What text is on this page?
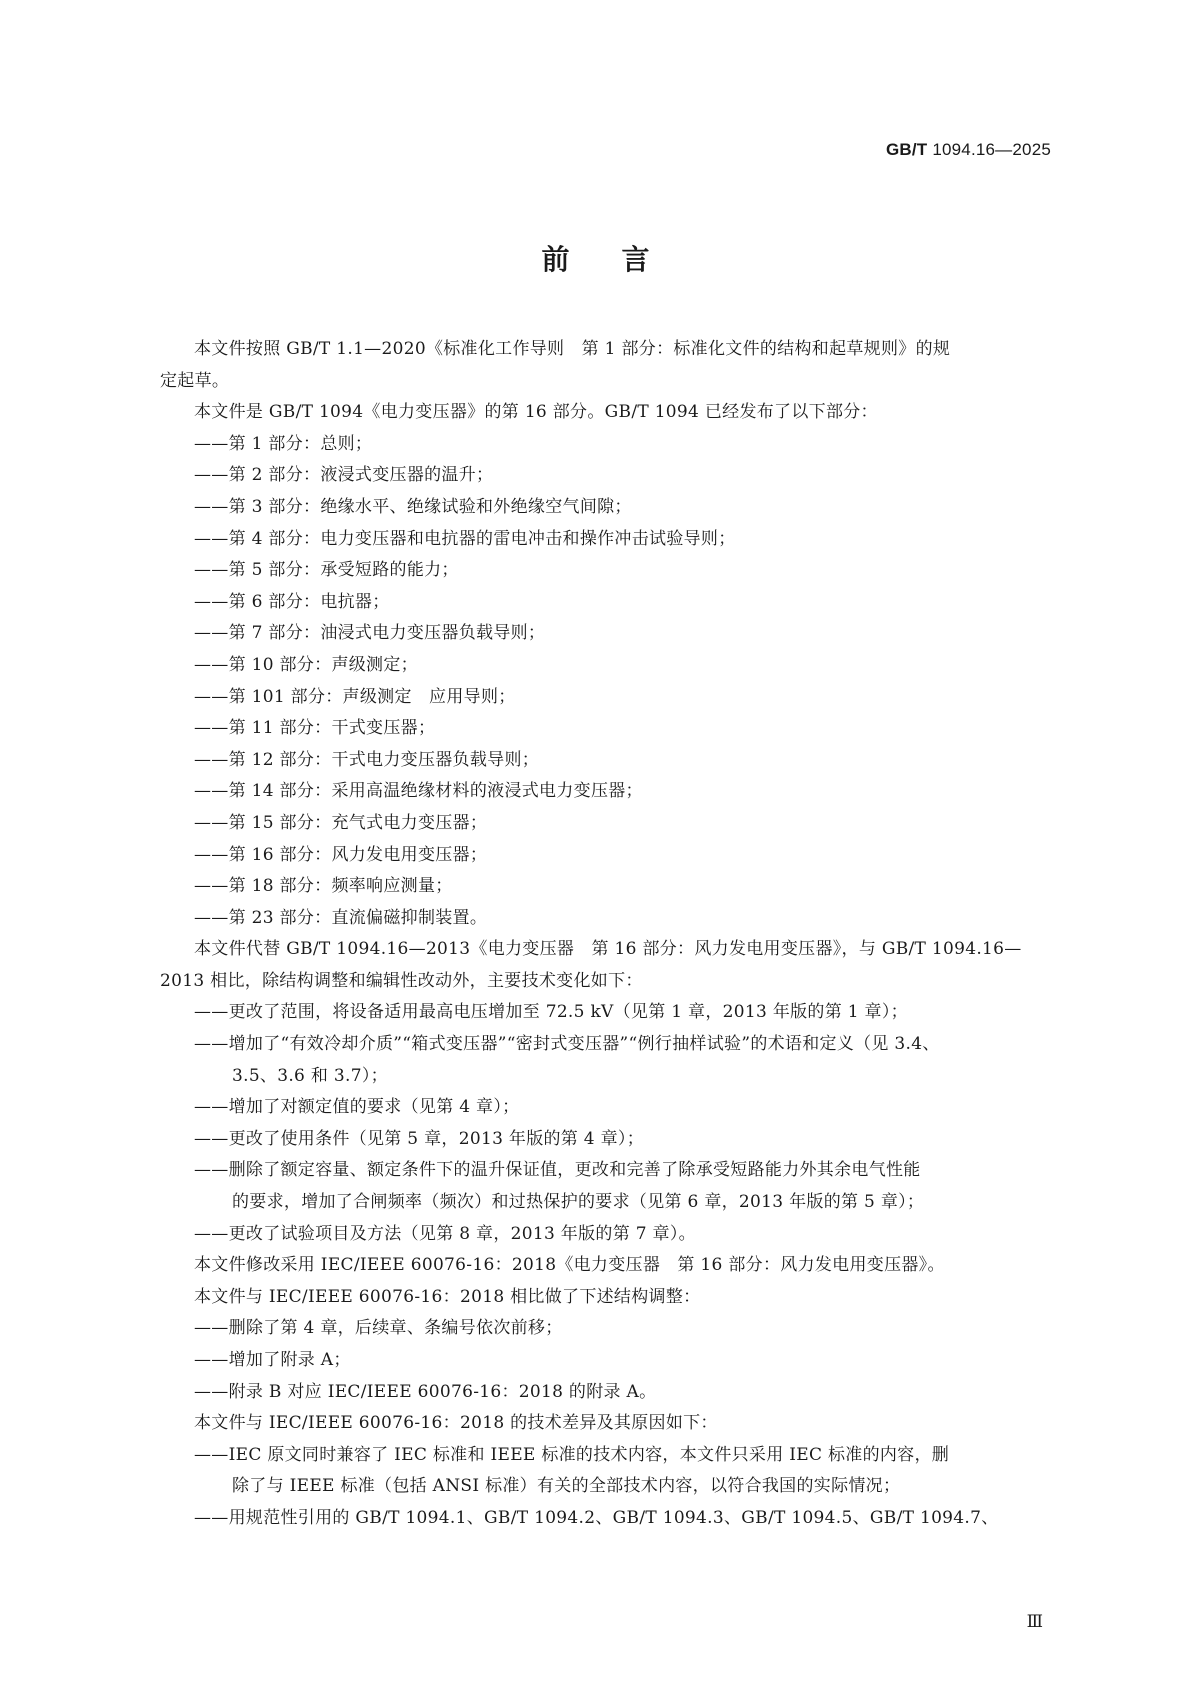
GB/T 1094.16—2025
前言
本文件按照 GB/T 1.1—2020《标准化工作导则　第 1 部分：标准化文件的结构和起草规则》的规
定起草。
本文件是 GB/T 1094《电力变压器》的第 16 部分。GB/T 1094 已经发布了以下部分：
——第 1 部分：总则；
——第 2 部分：液浸式变压器的温升；
——第 3 部分：绝缘水平、绝缘试验和外绝缘空气间隙；
——第 4 部分：电力变压器和电抗器的雷电冲击和操作冲击试验导则；
——第 5 部分：承受短路的能力；
——第 6 部分：电抗器；
——第 7 部分：油浸式电力变压器负载导则；
——第 10 部分：声级测定；
——第 101 部分：声级测定　应用导则；
——第 11 部分：干式变压器；
——第 12 部分：干式电力变压器负载导则；
——第 14 部分：采用高温绝缘材料的液浸式电力变压器；
——第 15 部分：充气式电力变压器；
——第 16 部分：风力发电用变压器；
——第 18 部分：频率响应测量；
——第 23 部分：直流偏磁抑制装置。
本文件代替 GB/T 1094.16—2013《电力变压器　第 16 部分：风力发电用变压器》，与 GB/T 1094.16—
2013 相比，除结构调整和编辑性改动外，主要技术变化如下：
——更改了范围，将设备适用最高电压增加至 72.5 kV（见第 1 章，2013 年版的第 1 章）；
——增加了“有效冷却介质”“箱式变压器”“密封式变压器”“例行抽样试验”的术语和定义（见 3.4、
3.5、3.6 和 3.7）；
——增加了对额定值的要求（见第 4 章）；
——更改了使用条件（见第 5 章，2013 年版的第 4 章）；
——删除了额定容量、额定条件下的温升保证值，更改和完善了除承受短路能力外其余电气性能
的要求，增加了合闸频率（频次）和过热保护的要求（见第 6 章，2013 年版的第 5 章）；
——更改了试验项目及方法（见第 8 章，2013 年版的第 7 章）。
本文件修改采用 IEC/IEEE 60076-16：2018《电力变压器　第 16 部分：风力发电用变压器》。
本文件与 IEC/IEEE 60076-16：2018 相比做了下述结构调整：
——删除了第 4 章，后续章、条编号依次前移；
——增加了附录 A；
——附录 B 对应 IEC/IEEE 60076-16：2018 的附录 A。
本文件与 IEC/IEEE 60076-16：2018 的技术差异及其原因如下：
——IEC 原文同时兼容了 IEC 标准和 IEEE 标准的技术内容，本文件只采用 IEC 标准的内容，删
除了与 IEEE 标准（包括 ANSI 标准）有关的全部技术内容，以符合我国的实际情况；
——用规范性引用的 GB/T 1094.1、GB/T 1094.2、GB/T 1094.3、GB/T 1094.5、GB/T 1094.7、
Ⅲ
